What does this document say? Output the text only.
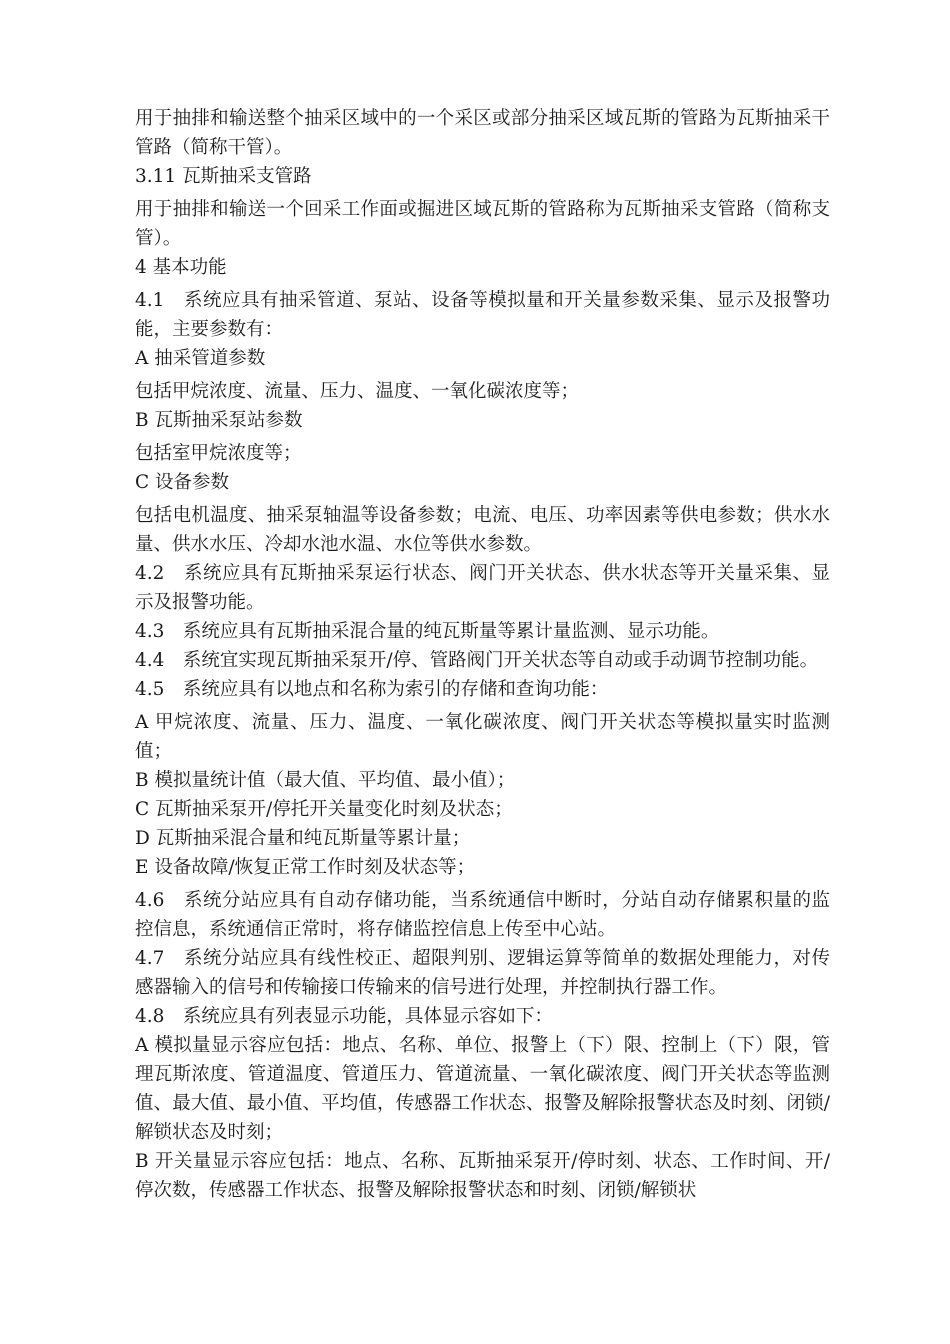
用于抽排和输送整个抽采区域中的一个采区或部分抽采区域瓦斯的管路为瓦斯抽采干管路（简称干管）。

3.11 瓦斯抽采支管路

用于抽排和输送一个回采工作面或掘进区域瓦斯的管路称为瓦斯抽采支管路（简称支管）。

4 基本功能

4.1　系统应具有抽采管道、泵站、设备等模拟量和开关量参数采集、显示及报警功能，主要参数有：

A 抽采管道参数

包括甲烷浓度、流量、压力、温度、一氧化碳浓度等；

B 瓦斯抽采泵站参数

包括室甲烷浓度等；

C 设备参数

包括电机温度、抽采泵轴温等设备参数；电流、电压、功率因素等供电参数；供水水量、供水水压、冷却水池水温、水位等供水参数。

4.2　系统应具有瓦斯抽采泵运行状态、阀门开关状态、供水状态等开关量采集、显示及报警功能。

4.3　系统应具有瓦斯抽采混合量的纯瓦斯量等累计量监测、显示功能。

4.4　系统宜实现瓦斯抽采泵开/停、管路阀门开关状态等自动或手动调节控制功能。

4.5　系统应具有以地点和名称为索引的存储和查询功能：

A 甲烷浓度、流量、压力、温度、一氧化碳浓度、阀门开关状态等模拟量实时监测值；

B 模拟量统计值（最大值、平均值、最小值）；

C 瓦斯抽采泵开/停托开关量变化时刻及状态；

D 瓦斯抽采混合量和纯瓦斯量等累计量；

E 设备故障/恢复正常工作时刻及状态等；

4.6　系统分站应具有自动存储功能，当系统通信中断时，分站自动存储累积量的监控信息，系统通信正常时，将存储监控信息上传至中心站。

4.7　系统分站应具有线性校正、超限判别、逻辑运算等简单的数据处理能力，对传感器输入的信号和传输接口传输来的信号进行处理，并控制执行器工作。

4.8　系统应具有列表显示功能，具体显示容如下：

A 模拟量显示容应包括：地点、名称、单位、报警上（下）限、控制上（下）限，管理瓦斯浓度、管道温度、管道压力、管道流量、一氧化碳浓度、阀门开关状态等监测值、最大值、最小值、平均值，传感器工作状态、报警及解除报警状态及时刻、闭锁/解锁状态及时刻；

B 开关量显示容应包括：地点、名称、瓦斯抽采泵开/停时刻、状态、工作时间、开/停次数，传感器工作状态、报警及解除报警状态和时刻、闭锁/解锁状
